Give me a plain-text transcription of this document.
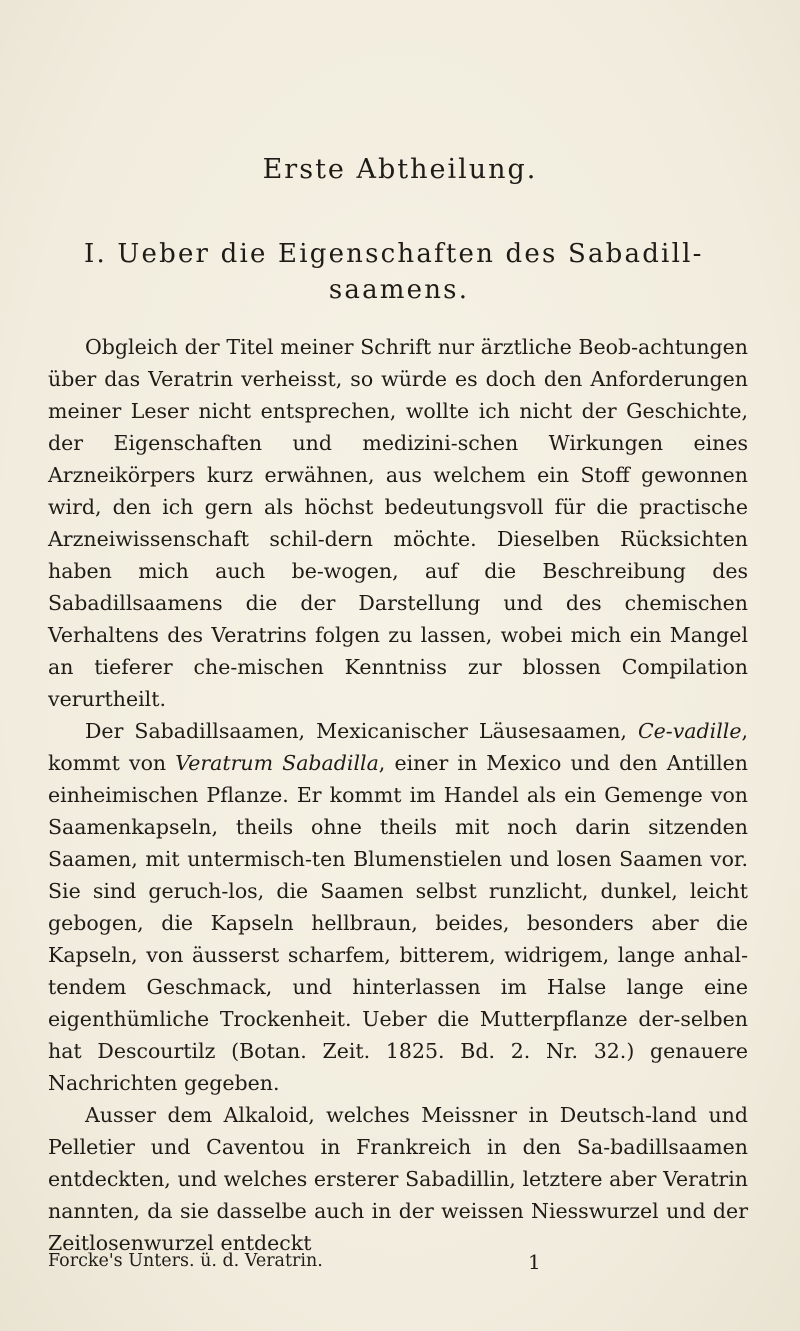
Erste Abtheilung.
I. Ueber die Eigenschaften des Sabadill-
saamens.

Obgleich der Titel meiner Schrift nur ärztliche Beob-achtungen über das Veratrin verheisst, so würde es doch den Anforderungen meiner Leser nicht entsprechen, wollte ich nicht der Geschichte, der Eigenschaften und medizini-schen Wirkungen eines Arzneikörpers kurz erwähnen, aus welchem ein Stoff gewonnen wird, den ich gern als höchst bedeutungsvoll für die practische Arzneiwissenschaft schil-dern möchte. Dieselben Rücksichten haben mich auch be-wogen, auf die Beschreibung des Sabadillsaamens die der Darstellung und des chemischen Verhaltens des Veratrins folgen zu lassen, wobei mich ein Mangel an tieferer che-mischen Kenntniss zur blossen Compilation verurtheilt.

Der Sabadillsaamen, Mexicanischer Läusesaamen, Ce-vadille, kommt von Veratrum Sabadilla, einer in Mexico und den Antillen einheimischen Pflanze. Er kommt im Handel als ein Gemenge von Saamenkapseln, theils ohne theils mit noch darin sitzenden Saamen, mit untermisch-ten Blumenstielen und losen Saamen vor. Sie sind geruch-los, die Saamen selbst runzlicht, dunkel, leicht gebogen, die Kapseln hellbraun, beides, besonders aber die Kapseln, von äusserst scharfem, bitterem, widrigem, lange anhal-tendem Geschmack, und hinterlassen im Halse lange eine eigenthümliche Trockenheit. Ueber die Mutterpflanze der-selben hat Descourtilz (Botan. Zeit. 1825. Bd. 2. Nr. 32.) genauere Nachrichten gegeben.

Ausser dem Alkaloid, welches Meissner in Deutsch-land und Pelletier und Caventou in Frankreich in den Sa-badillsaamen entdeckten, und welches ersterer Sabadillin, letztere aber Veratrin nannten, da sie dasselbe auch in der weissen Niesswurzel und der Zeitlosenwurzel entdeckt

Forcke's Unters. ü. d. Veratrin.	1
